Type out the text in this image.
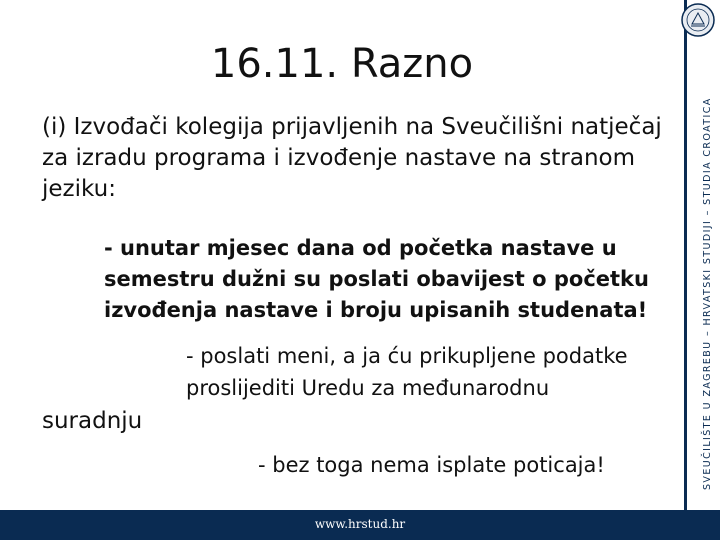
16.11. Razno
(i) Izvođači kolegija prijavljenih na Sveučilišni natječaj za izradu programa i izvođenje nastave na stranom jeziku:
- unutar mjesec dana od početka nastave u semestru dužni su poslati obavijest o početku izvođenja nastave i broju upisanih studenata!
- poslati meni, a ja ću prikupljene podatke proslijediti Uredu za međunarodnu
suradnju
- bez toga nema isplate poticaja!	SVEUČILIŠTE U ZAGREBU – HRVATSKI STUDIJI – STUDIA CROATICA
www.hrstud.hr
